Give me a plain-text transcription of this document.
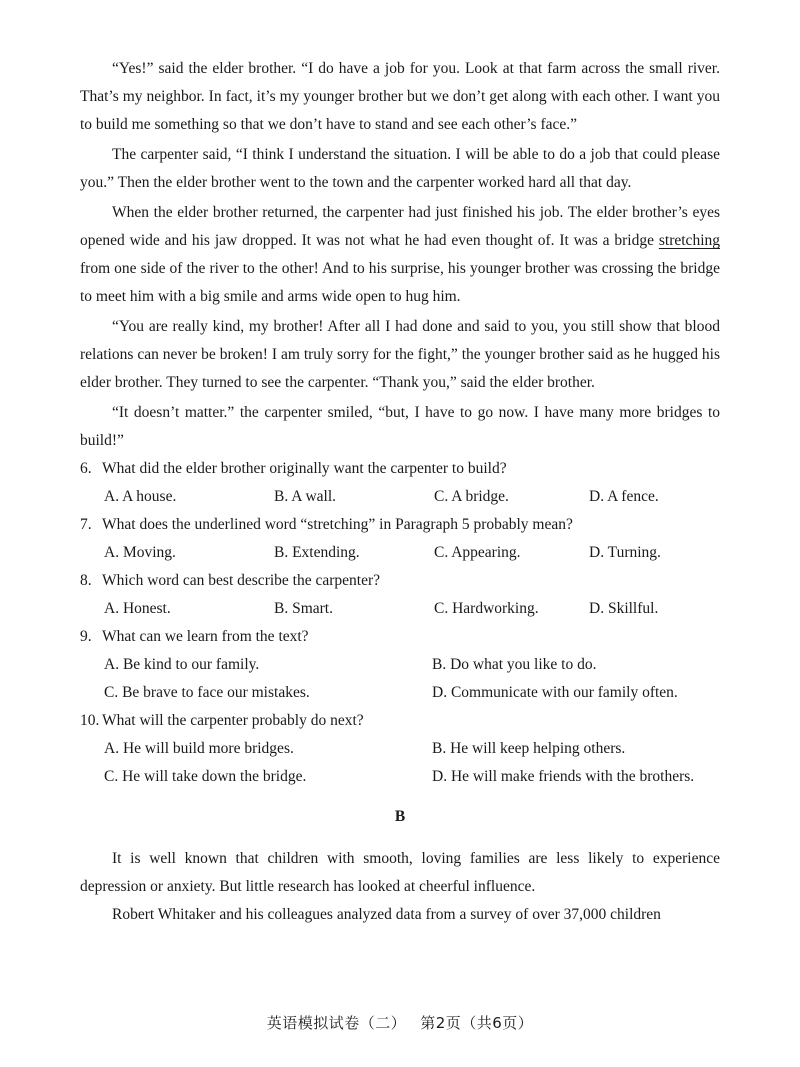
“Yes!” said the elder brother. “I do have a job for you. Look at that farm across the small river. That’s my neighbor. In fact, it’s my younger brother but we don’t get along with each other. I want you to build me something so that we don’t have to stand and see each other’s face.”

The carpenter said, “I think I understand the situation. I will be able to do a job that could please you.” Then the elder brother went to the town and the carpenter worked hard all that day.

When the elder brother returned, the carpenter had just finished his job. The elder brother’s eyes opened wide and his jaw dropped. It was not what he had even thought of. It was a bridge stretching from one side of the river to the other! And to his surprise, his younger brother was crossing the bridge to meet him with a big smile and arms wide open to hug him.

“You are really kind, my brother! After all I had done and said to you, you still show that blood relations can never be broken! I am truly sorry for the fight,” the younger brother said as he hugged his elder brother. They turned to see the carpenter. “Thank you,” said the elder brother.

“It doesn’t matter.” the carpenter smiled, “but, I have to go now. I have many more bridges to build!”

6. What did the elder brother originally want the carpenter to build?

A. A house.	B. A wall.	C. A bridge.	D. A fence.

7. What does the underlined word “stretching” in Paragraph 5 probably mean?

A. Moving.	B. Extending.	C. Appearing.	D. Turning.

8. Which word can best describe the carpenter?

A. Honest.	B. Smart.	C. Hardworking.	D. Skillful.

9. What can we learn from the text?

A. Be kind to our family.	B. Do what you like to do.
C. Be brave to face our mistakes.	D. Communicate with our family often.

10. What will the carpenter probably do next?

A. He will build more bridges.	B. He will keep helping others.
C. He will take down the bridge.	D. He will make friends with the brothers.
B

It is well known that children with smooth, loving families are less likely to experience depression or anxiety. But little research has looked at cheerful influence.

Robert Whitaker and his colleagues analyzed data from a survey of over 37,000 children

英语模拟试卷（二） 第2页（共6页）
